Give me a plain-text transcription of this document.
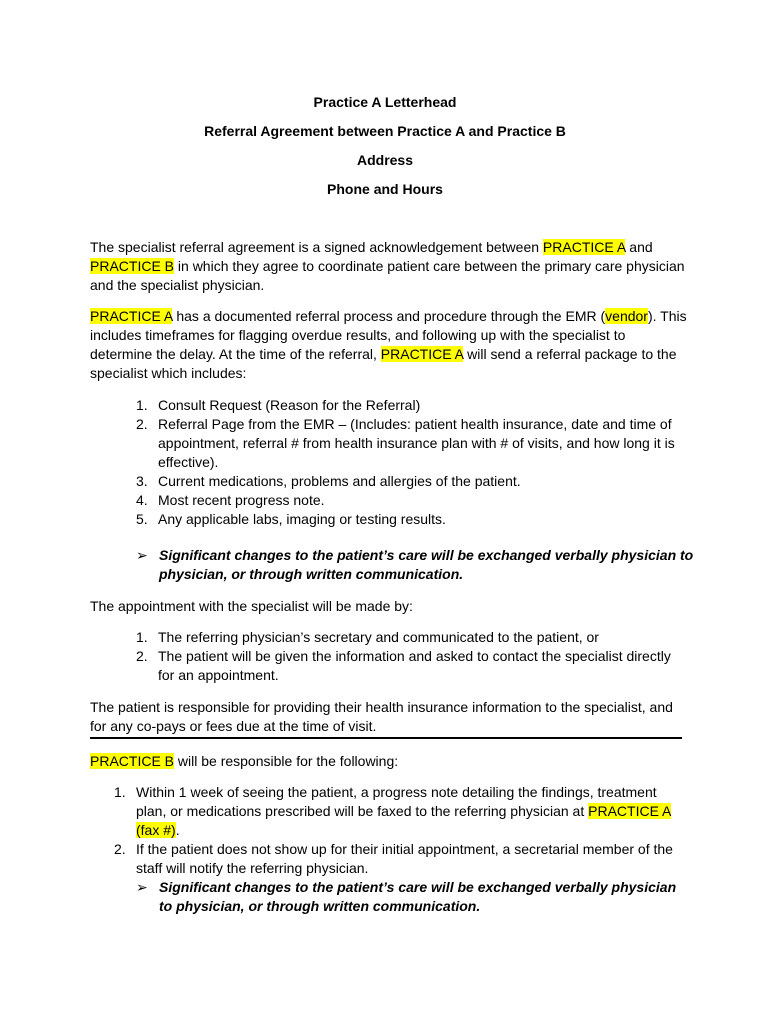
Practice A Letterhead
Referral Agreement between Practice A and Practice B
Address
Phone and Hours

The specialist referral agreement is a signed acknowledgement between PRACTICE A and
PRACTICE B in which they agree to coordinate patient care between the primary care physician and the specialist physician.

PRACTICE A has a documented referral process and procedure through the EMR (vendor). This includes timeframes for flagging overdue results, and following up with the specialist to determine the delay. At the time of the referral, PRACTICE A will send a referral package to the specialist which includes:

1. Consult Request (Reason for the Referral)
2. Referral Page from the EMR – (Includes: patient health insurance, date and time of appointment, referral # from health insurance plan with # of visits, and how long it is effective).
3. Current medications, problems and allergies of the patient.
4. Most recent progress note.
5. Any applicable labs, imaging or testing results.
➢ Significant changes to the patient’s care will be exchanged verbally physician to physician, or through written communication.

The appointment with the specialist will be made by:

1. The referring physician’s secretary and communicated to the patient, or
2. The patient will be given the information and asked to contact the specialist directly for an appointment.

The patient is responsible for providing their health insurance information to the specialist, and for any co-pays or fees due at the time of visit.

PRACTICE B will be responsible for the following:

1. Within 1 week of seeing the patient, a progress note detailing the findings, treatment plan, or medications prescribed will be faxed to the referring physician at PRACTICE A (fax #).
2. If the patient does not show up for their initial appointment, a secretarial member of the staff will notify the referring physician.
➢ Significant changes to the patient’s care will be exchanged verbally physician
to physician, or through written communication.
